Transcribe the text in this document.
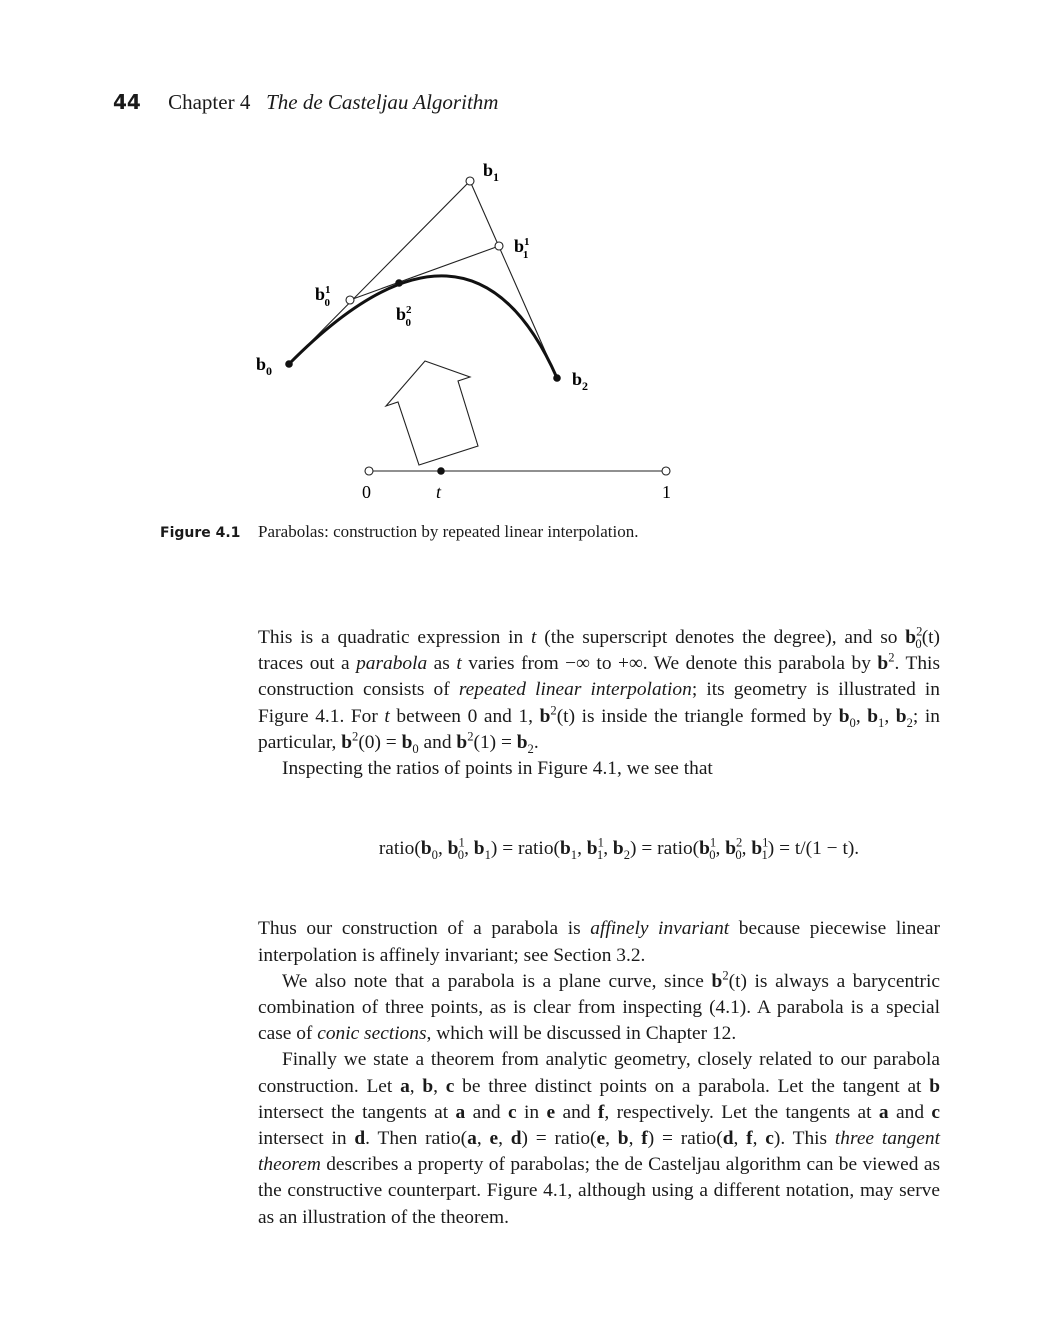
44 Chapter 4 The de Casteljau Algorithm
$b_1$
$b^1$ 1
$b^1$ 0
$b^2$ 0
$b_0$	$b_2$
0	t	1
Figure 4.1 Parabolas: construction by repeated linear interpolation.

This is a quadratic expression in t (the superscript denotes the degree), and so $b^2_0(t)$ traces out a parabola as t varies from −∞ to +∞. We denote this parabola by $b^2$. This construction consists of repeated linear interpolation; its geometry is illustrated in Figure 4.1. For t between 0 and 1, $b^2(t)$ is inside the triangle formed by $b_0$, $b_1$, $b_2$; in particular, $b^2(0) = b_0$ and $b^2(1) = b_2$.

Inspecting the ratios of points in Figure 4.1, we see that

$ratio(b_0$, $b^1_0$, $b_1$) = $ratio(b_1$, $b^1_1$, $b_2$) = $ratio(b^1_0$, $b^2_0$, $b^1_1) = t/(1 - t)$.

Thus our construction of a parabola is affinely invariant because piecewise linear interpolation is affinely invariant; see Section 3.2.

We also note that a parabola is a plane curve, since $b^2(t)$ is always a barycentric combination of three points, as is clear from inspecting (4.1). A parabola is a special case of conic sections, which will be discussed in Chapter 12.

Finally we state a theorem from analytic geometry, closely related to our parabola construction. Let a, b, c be three distinct points on a parabola. Let the tangent at b intersect the tangents at a and c in e and f, respectively. Let the tangents at a and c intersect in d. Then ratio(a, e, d) = ratio(e, b, f) = ratio(d, f, c). This three tangent theorem describes a property of parabolas; the de Casteljau algorithm can be viewed as the constructive counterpart. Figure 4.1, although using a different notation, may serve as an illustration of the theorem.
